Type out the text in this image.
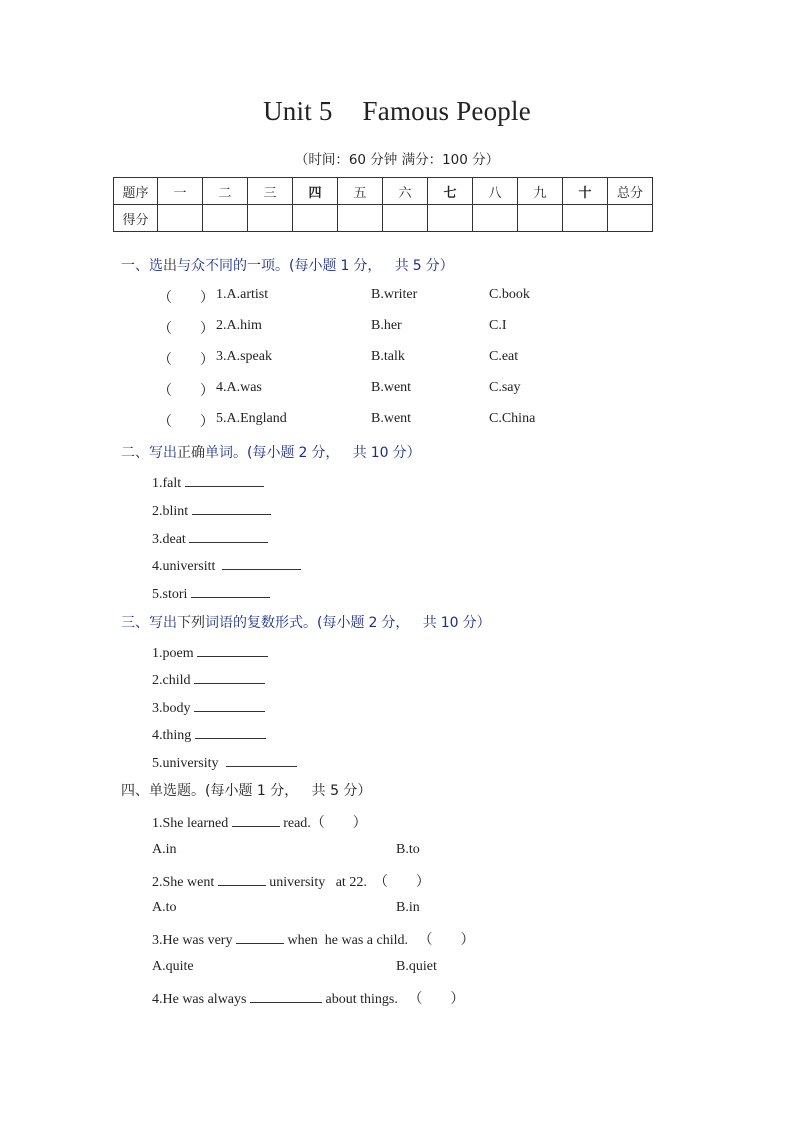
Unit 5 Famous People
（时间：60 分钟 满分：100 分）
题序	一	二	三	四	五	六	七	八	九	十	总分
得分											
一、选出与众不同的一项。(每小题 1 分，   共 5 分）
（        ） 1.A.artist	B.writer	C.book
（        ） 2.A.him	B.her	C.I
（        ） 3.A.speak	B.talk	C.eat
（        ） 4.A.was	B.went	C.say
（        ） 5.A.England	B.went	C.China
二、写出正确单词。(每小题 2 分，   共 10 分）
1.falt
2.blint
3.deat
4.universitt
5.stori
三、写出下列词语的复数形式。(每小题 2 分，   共 10 分）
1.poem
2.child
3.body
4.thing
5.university
四、单选题。(每小题 1 分，   共 5 分）
1.She learned	read.（        ）
A.in	B.to
2.She went	university   at 22. （        ）
A.to	B.in
3.He was very	when  he was a child. （        ）
A.quite	B.quiet
4.He was always	about things. （        ）
